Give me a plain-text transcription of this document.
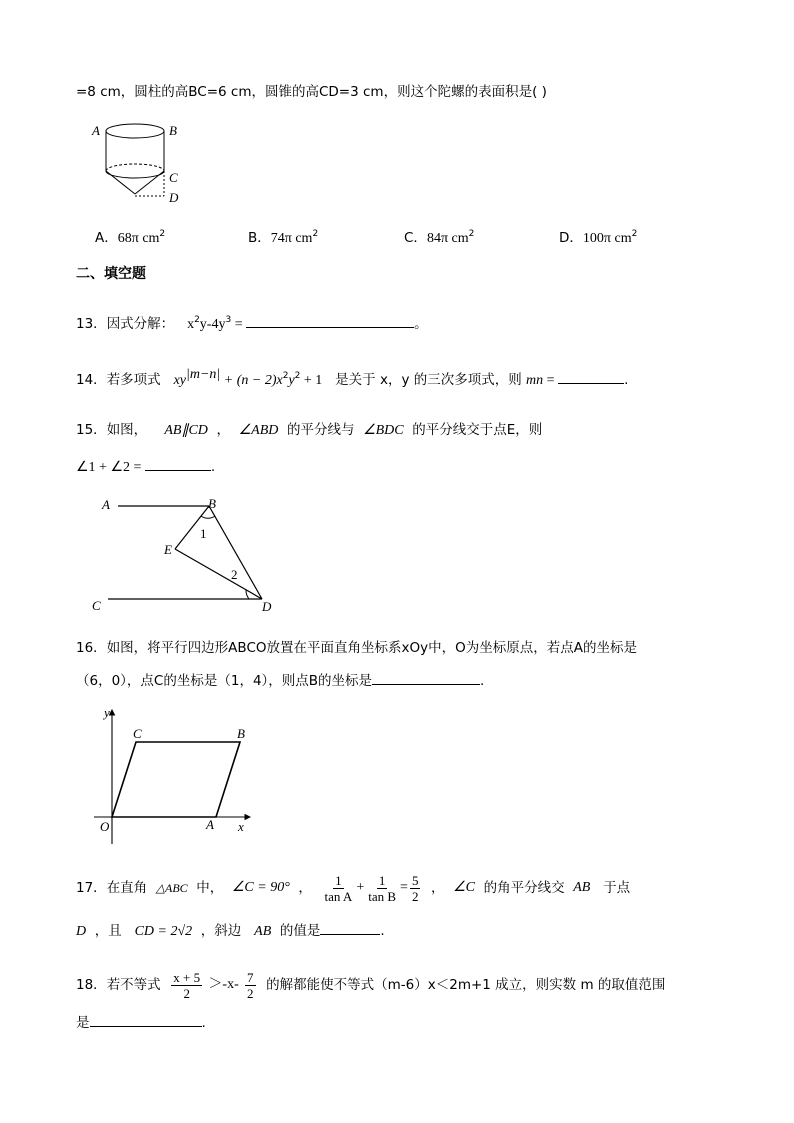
=8 cm，圆柱的高BC=6 cm，圆锥的高CD=3 cm，则这个陀螺的表面积是( )
A	B
C
D
A．68π $cm^2$	B．74π $cm^2$	C．84π $cm^2$	D．100π $cm^2$
二、填空题
13．因式分解： $x^2y-4y^3$ =	。
14．若多项式 $xy^{|m-n|} + (n - 2)x^2y^2 + 1$ 是关于 x，y 的三次多项式，则 mn =	.
15．如图， AB∥CD ， ∠ABD 的平分线与 ∠BDC 的平分线交于点E，则
∠1 + ∠2 =	.
A	B
C	D
E
1
2
16．如图，将平行四边形ABCO放置在平面直角坐标系xOy中，O为坐标原点，若点A的坐标是
（6，0），点C的坐标是（1，4），则点B的坐标是	.
y
x
O	A
B
C
17． 在直角
△ABC
中，
∠C = 90°
，
$\frac{1}{\text{tan A}} + \frac{1}{\text{tan B}} = \frac{5}{2}$
，
∠C
的角平分线交
AB
于点
D ，且 CD = 2√2 ，斜边 AB 的值是	.
18． 若不等式
$\frac{x + 5}{2}$
＞-x-
$\frac{7}{2}$
的解都能使不等式（m-6）x＜2m+1 成立，则实数 m 的取值范围
是	.
